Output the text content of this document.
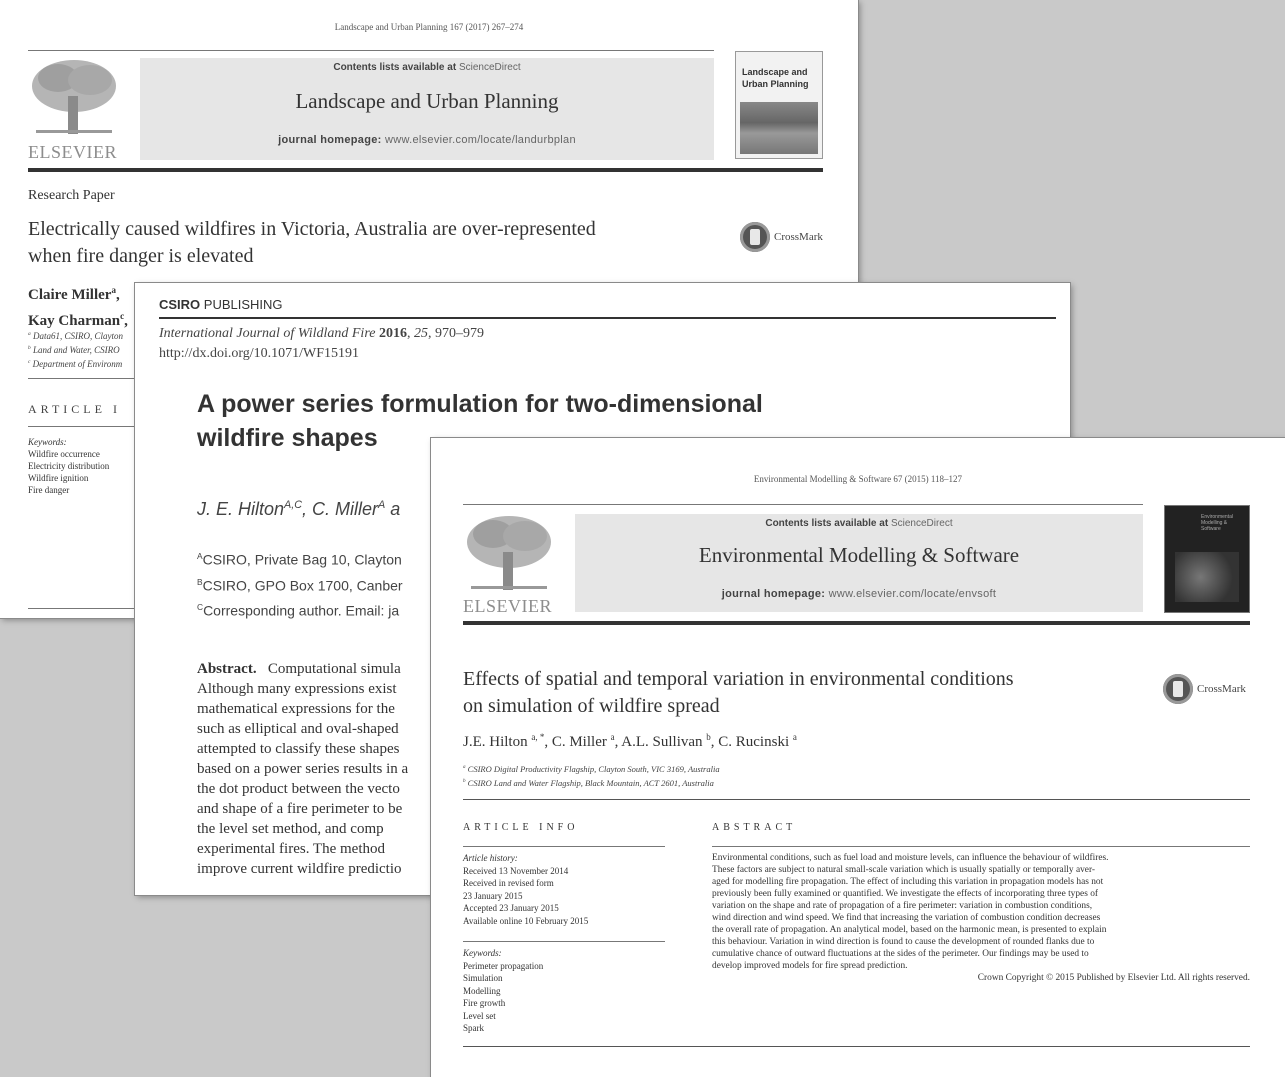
Landscape and Urban Planning 167 (2017) 267–274
ELSEVIER
Contents lists available at ScienceDirect
Landscape and Urban Planning
journal homepage: www.elsevier.com/locate/landurbplan
Landscape and
Urban Planning
Research Paper
Electrically caused wildfires in Victoria, Australia are over-represented
when fire danger is elevated
CrossMark
Claire Miller$^a$,
Kay Charman$^c$,
$^a$ Data61, CSIRO, Clayton
$^b$ Land and Water, CSIRO
$^c$ Department of Environm
ARTICLE I
Keywords:
Wildfire occurrence
Electricity distribution
Wildfire ignition
Fire danger
CSIRO PUBLISHING
International Journal of Wildland Fire 2016, 25, 970–979
http://dx.doi.org/10.1071/WF15191
A power series formulation for two-dimensional
wildfire shapes
J. E. Hilton$^{A,C}$, C. Miller$^A$ a
$^A$CSIRO, Private Bag 10, Clayton
$^B$CSIRO, GPO Box 1700, Canber
$^C$Corresponding author. Email: ja
Abstract. Computational simula
Although many expressions exist
mathematical expressions for the
such as elliptical and oval-shaped
attempted to classify these shapes
based on a power series results in a
the dot product between the vecto
and shape of a fire perimeter to be
the level set method, and comp
experimental fires. The method
improve current wildfire predictio
Environmental Modelling & Software 67 (2015) 118–127
ELSEVIER
Contents lists available at ScienceDirect
Environmental Modelling & Software
journal homepage: www.elsevier.com/locate/envsoft
Environmental Modelling & Software
Effects of spatial and temporal variation in environmental conditions
on simulation of wildfire spread
CrossMark
J.E. Hilton $^{a, *}$, C. Miller $^a$, A.L. Sullivan $^b$, C. Rucinski $^a$
$^a$ CSIRO Digital Productivity Flagship, Clayton South, VIC 3169, Australia
$^b$ CSIRO Land and Water Flagship, Black Mountain, ACT 2601, Australia
ARTICLE INFO	ABSTRACT
Article history:
Received 13 November 2014
Received in revised form
23 January 2015
Accepted 23 January 2015
Available online 10 February 2015
Keywords:
Perimeter propagation
Simulation
Modelling
Fire growth
Level set
Spark
Environmental conditions, such as fuel load and moisture levels, can influence the behaviour of wildfires.
These factors are subject to natural small-scale variation which is usually spatially or temporally aver-
aged for modelling fire propagation. The effect of including this variation in propagation models has not
previously been fully examined or quantified. We investigate the effects of incorporating three types of
variation on the shape and rate of propagation of a fire perimeter: variation in combustion conditions,
wind direction and wind speed. We find that increasing the variation of combustion condition decreases
the overall rate of propagation. An analytical model, based on the harmonic mean, is presented to explain
this behaviour. Variation in wind direction is found to cause the development of rounded flanks due to
cumulative chance of outward fluctuations at the sides of the perimeter. Our findings may be used to
develop improved models for fire spread prediction.
Crown Copyright © 2015 Published by Elsevier Ltd. All rights reserved.
